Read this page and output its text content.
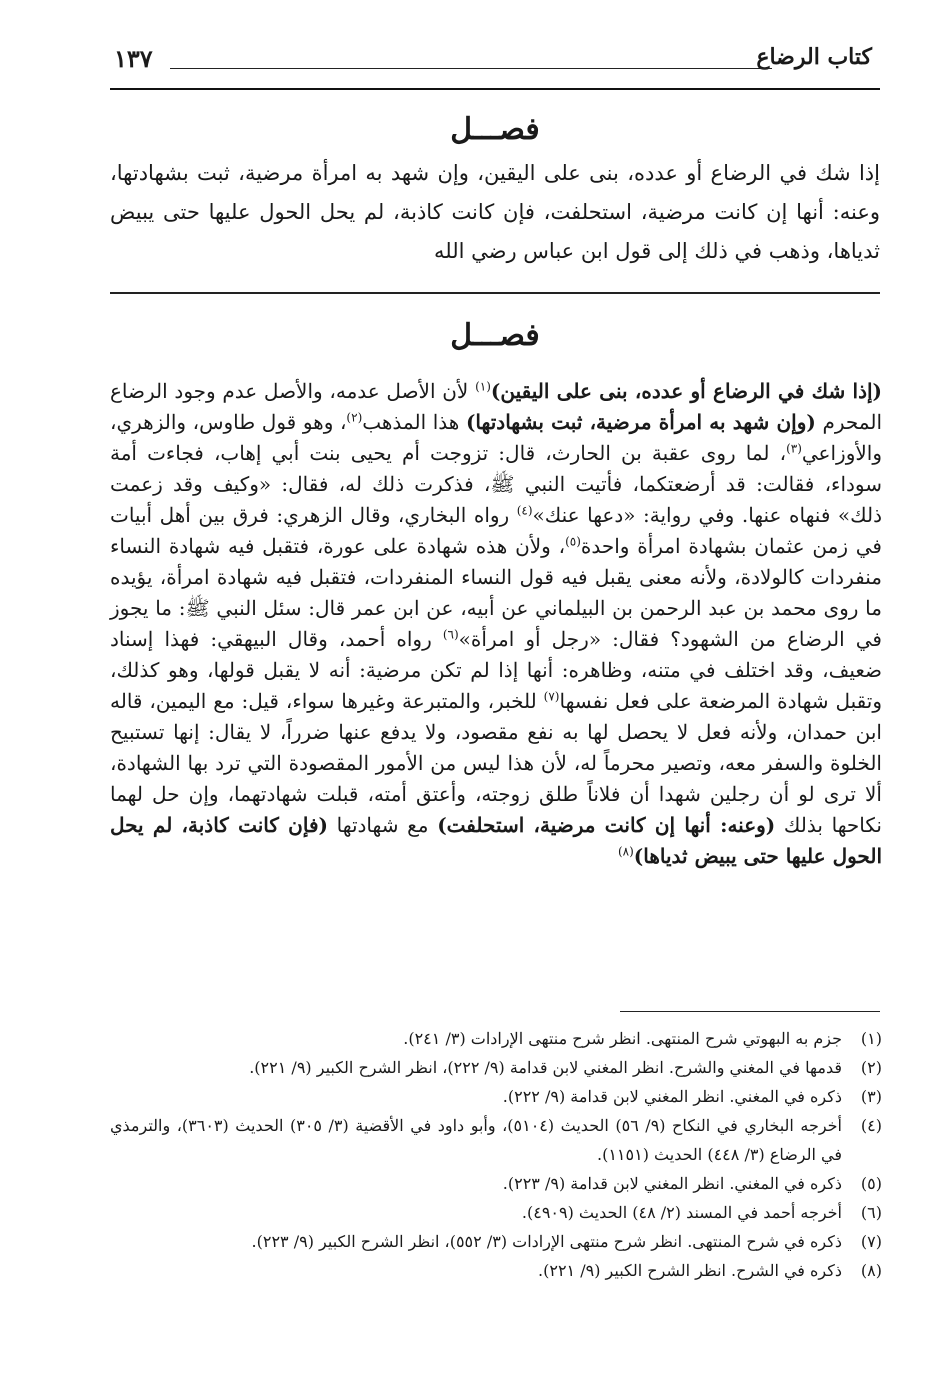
كتاب الرضاع
١٣٧
فصـــل
إذا شك في الرضاع أو عدده، بنى على اليقين، وإن شهد به امرأة مرضية، ثبت بشهادتها، وعنه: أنها إن كانت مرضية، استحلفت، فإن كانت كاذبة، لم يحل الحول عليها حتى يبيض ثدياها، وذهب في ذلك إلى قول ابن عباس رضي الله
فصـــل
(إذا شك في الرضاع أو عدده، بنى على اليقين)$^{(١)}$ لأن الأصل عدمه، والأصل عدم وجود الرضاع المحرم (وإن شهد به امرأة مرضية، ثبت بشهادتها) هذا المذهب$^{(٢)}$، وهو قول طاوس، والزهري، والأوزاعي$^{(٣)}$، لما روى عقبة بن الحارث، قال: تزوجت أم يحيى بنت أبي إهاب، فجاءت أمة سوداء، فقالت: قد أرضعتكما، فأتيت النبي ﷺ، فذكرت ذلك له، فقال: «وكيف وقد زعمت ذلك» فنهاه عنها. وفي رواية: «دعها عنك»$^{(٤)}$ رواه البخاري، وقال الزهري: فرق بين أهل أبيات في زمن عثمان بشهادة امرأة واحدة$^{(٥)}$، ولأن هذه شهادة على عورة، فتقبل فيه شهادة النساء منفردات كالولادة، ولأنه معنى يقبل فيه قول النساء المنفردات، فتقبل فيه شهادة امرأة، يؤيده ما روى محمد بن عبد الرحمن بن البيلماني عن أبيه، عن ابن عمر قال: سئل النبي ﷺ: ما يجوز في الرضاع من الشهود؟ فقال: «رجل أو امرأة»$^{(٦)}$ رواه أحمد، وقال البيهقي: فهذا إسناد ضعيف، وقد اختلف في متنه، وظاهره: أنها إذا لم تكن مرضية: أنه لا يقبل قولها، وهو كذلك، وتقبل شهادة المرضعة على فعل نفسها$^{(٧)}$ للخبر، والمتبرعة وغيرها سواء، قيل: مع اليمين، قاله ابن حمدان، ولأنه فعل لا يحصل لها به نفع مقصود، ولا يدفع عنها ضرراً، لا يقال: إنها تستبيح الخلوة والسفر معه، وتصير محرماً له، لأن هذا ليس من الأمور المقصودة التي ترد بها الشهادة، ألا ترى لو أن رجلين شهدا أن فلاناً طلق زوجته، وأعتق أمته، قبلت شهادتهما، وإن حل لهما نكاحها بذلك (وعنه: أنها إن كانت مرضية، استحلفت) مع شهادتها (فإن كانت كاذبة، لم يحل الحول عليها حتى يبيض ثدياها)$^{(٨)}$
(١)
جزم به البهوتي شرح المنتهى. انظر شرح منتهى الإرادات (٣/ ٢٤١).
(٢)
قدمها في المغني والشرح. انظر المغني لابن قدامة (٩/ ٢٢٢)، انظر الشرح الكبير (٩/ ٢٢١).
(٣)
ذكره في المغني. انظر المغني لابن قدامة (٩/ ٢٢٢).
(٤)
أخرجه البخاري في النكاح (٩/ ٥٦) الحديث (٥١٠٤)، وأبو داود في الأقضية (٣/ ٣٠٥) الحديث (٣٦٠٣)، والترمذي في الرضاع (٣/ ٤٤٨) الحديث (١١٥١).
(٥)
ذكره في المغني. انظر المغني لابن قدامة (٩/ ٢٢٣).
(٦)
أخرجه أحمد في المسند (٢/ ٤٨) الحديث (٤٩٠٩).
(٧)
ذكره في شرح المنتهى. انظر شرح منتهى الإرادات (٣/ ٥٥٢)، انظر الشرح الكبير (٩/ ٢٢٣).
(٨)
ذكره في الشرح. انظر الشرح الكبير (٩/ ٢٢١).
